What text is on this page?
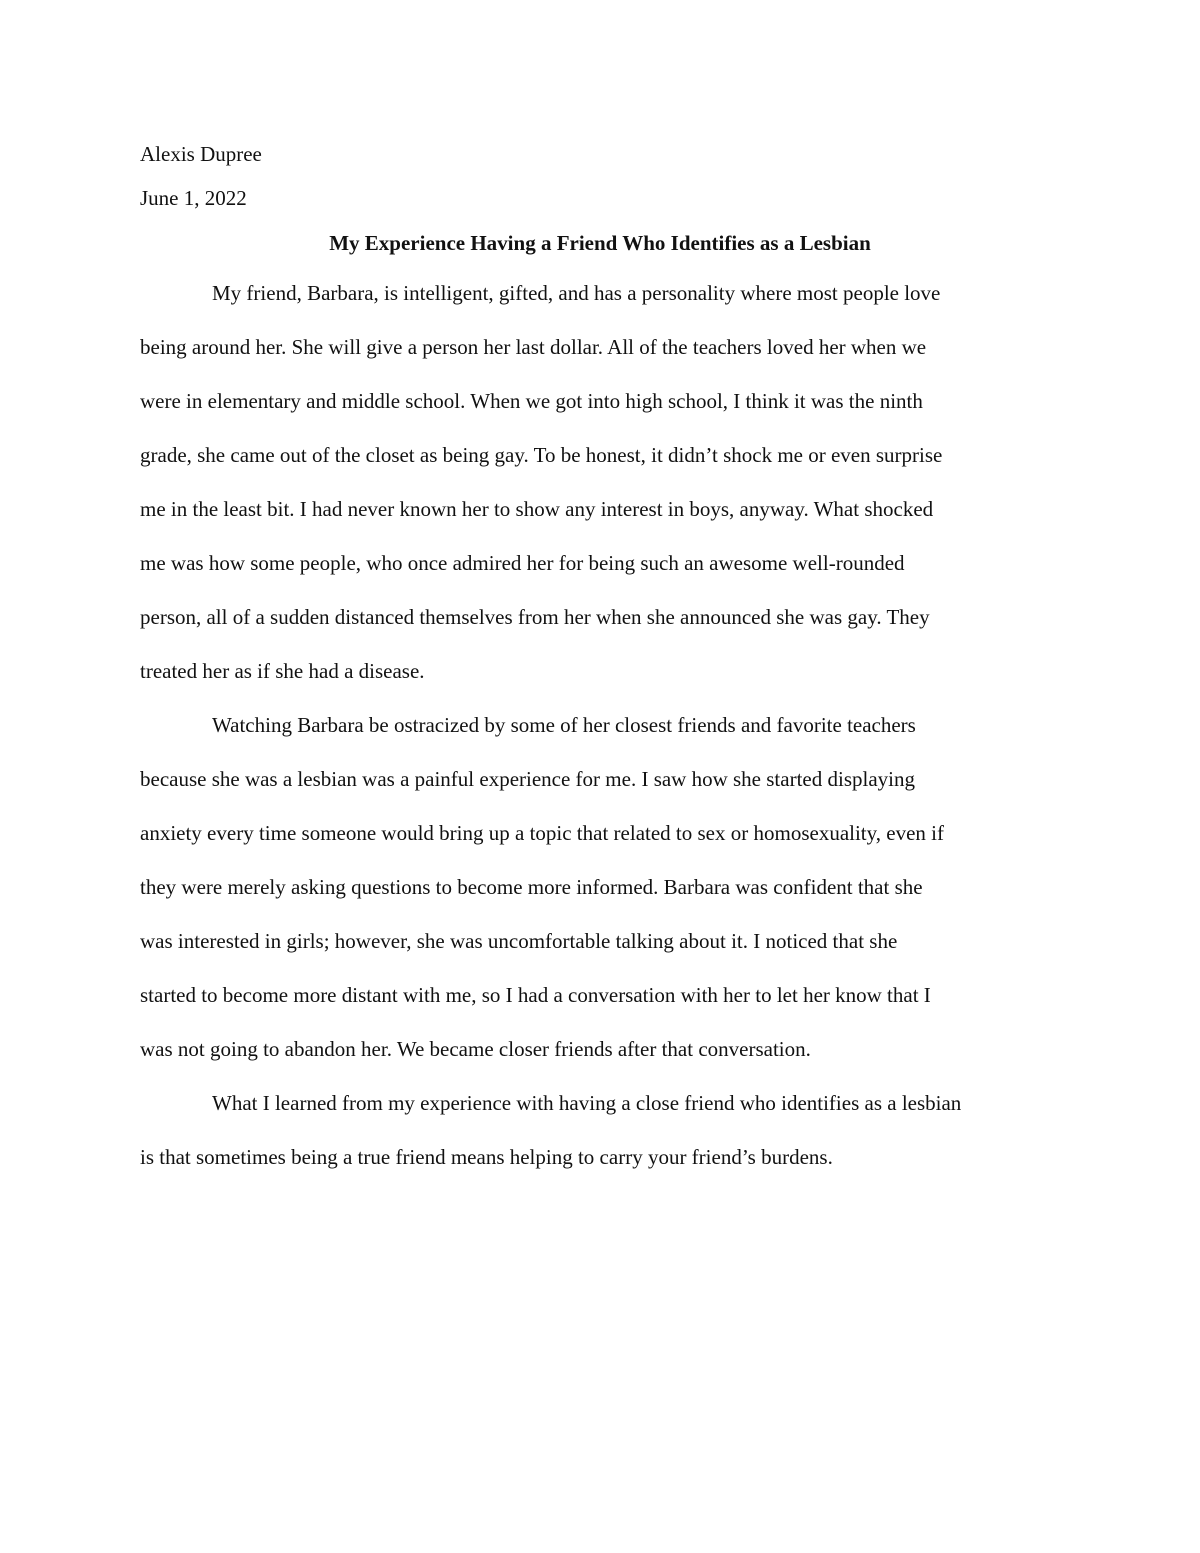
Alexis Dupree

June 1, 2022

My Experience Having a Friend Who Identifies as a Lesbian

My friend, Barbara, is intelligent, gifted, and has a personality where most people love

being around her. She will give a person her last dollar. All of the teachers loved her when we

were in elementary and middle school. When we got into high school, I think it was the ninth

grade, she came out of the closet as being gay. To be honest, it didn’t shock me or even surprise

me in the least bit. I had never known her to show any interest in boys, anyway. What shocked

me was how some people, who once admired her for being such an awesome well-rounded

person, all of a sudden distanced themselves from her when she announced she was gay. They

treated her as if she had a disease.

Watching Barbara be ostracized by some of her closest friends and favorite teachers

because she was a lesbian was a painful experience for me. I saw how she started displaying

anxiety every time someone would bring up a topic that related to sex or homosexuality, even if

they were merely asking questions to become more informed. Barbara was confident that she

was interested in girls; however, she was uncomfortable talking about it. I noticed that she

started to become more distant with me, so I had a conversation with her to let her know that I

was not going to abandon her. We became closer friends after that conversation.

What I learned from my experience with having a close friend who identifies as a lesbian

is that sometimes being a true friend means helping to carry your friend’s burdens.
